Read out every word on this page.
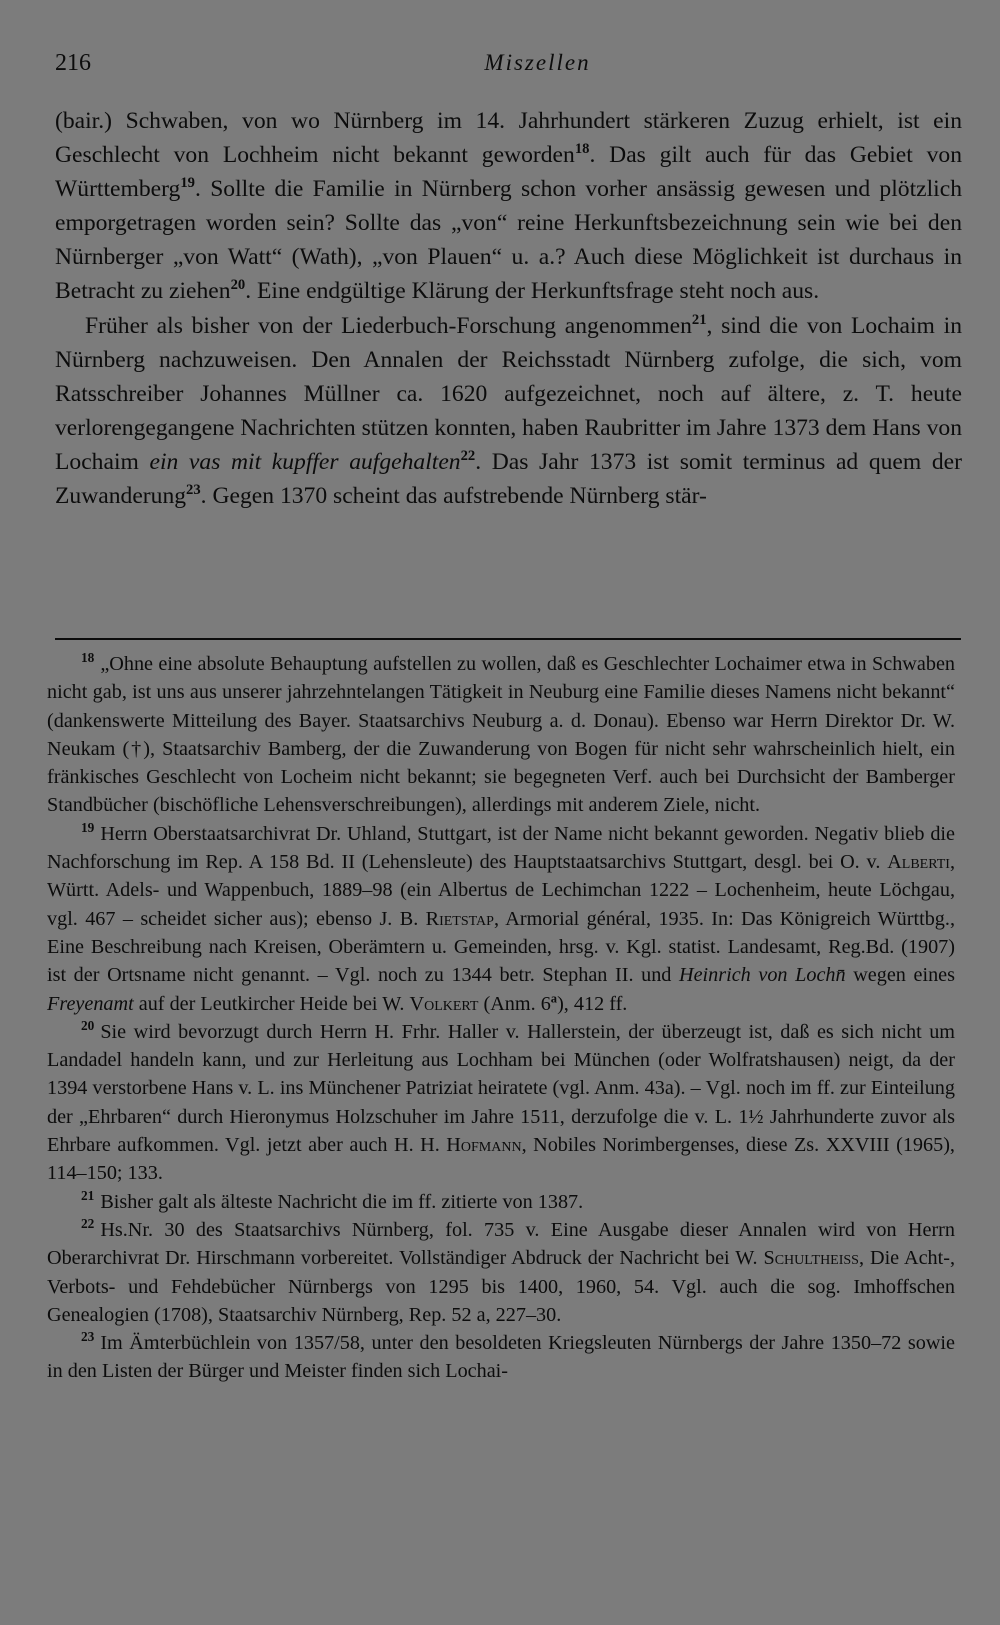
216	Miszellen

(bair.) Schwaben, von wo Nürnberg im 14. Jahrhundert stärkeren Zuzug erhielt, ist ein Geschlecht von Lochheim nicht bekannt geworden$^{18}$. Das gilt auch für das Gebiet von Württemberg$^{19}$. Sollte die Familie in Nürnberg schon vorher ansässig gewesen und plötzlich emporgetragen worden sein? Sollte das „von“ reine Herkunftsbezeichnung sein wie bei den Nürnberger „von Watt“ (Wath), „von Plauen“ u. a.? Auch diese Möglichkeit ist durchaus in Betracht zu ziehen$^{20}$. Eine endgültige Klärung der Herkunftsfrage steht noch aus.

Früher als bisher von der Liederbuch-Forschung angenommen$^{21}$, sind die von Lochaim in Nürnberg nachzuweisen. Den Annalen der Reichsstadt Nürnberg zufolge, die sich, vom Ratsschreiber Johannes Müllner ca. 1620 aufgezeichnet, noch auf ältere, z. T. heute verlorengegangene Nachrichten stützen konnten, haben Raubritter im Jahre 1373 dem Hans von Lochaim ein vas mit kupffer aufgehalten$^{22}$. Das Jahr 1373 ist somit terminus ad quem der Zuwanderung$^{23}$. Gegen 1370 scheint das aufstrebende Nürnberg stär-

$^{18}$ „Ohne eine absolute Behauptung aufstellen zu wollen, daß es Geschlechter Lochaimer etwa in Schwaben nicht gab, ist uns aus unserer jahrzehntelangen Tätigkeit in Neuburg eine Familie dieses Namens nicht bekannt“ (dankenswerte Mitteilung des Bayer. Staatsarchivs Neuburg a. d. Donau). Ebenso war Herrn Direktor Dr. W. Neukam (†), Staatsarchiv Bamberg, der die Zuwanderung von Bogen für nicht sehr wahrscheinlich hielt, ein fränkisches Geschlecht von Locheim nicht bekannt; sie begegneten Verf. auch bei Durchsicht der Bamberger Standbücher (bischöfliche Lehensverschreibungen), allerdings mit anderem Ziele, nicht.

$^{19}$ Herrn Oberstaatsarchivrat Dr. Uhland, Stuttgart, ist der Name nicht bekannt geworden. Negativ blieb die Nachforschung im Rep. A 158 Bd. II (Lehensleute) des Hauptstaatsarchivs Stuttgart, desgl. bei O. v. Alberti, Württ. Adels- und Wappenbuch, 1889–98 (ein Albertus de Lechimchan 1222 – Lochenheim, heute Löchgau, vgl. 467 – scheidet sicher aus); ebenso J. B. Rietstap, Armorial général, 1935. In: Das Königreich Württbg., Eine Beschreibung nach Kreisen, Oberämtern u. Gemeinden, hrsg. v. Kgl. statist. Landesamt, Reg.Bd. (1907) ist der Ortsname nicht genannt. – Vgl. noch zu 1344 betr. Stephan II. und Heinrich von Lochn̄ wegen eines Freyenamt auf der Leutkircher Heide bei W. Volkert (Anm. 6$^a$), 412 ff.

$^{20}$ Sie wird bevorzugt durch Herrn H. Frhr. Haller v. Hallerstein, der überzeugt ist, daß es sich nicht um Landadel handeln kann, und zur Herleitung aus Lochham bei München (oder Wolfratshausen) neigt, da der 1394 verstorbene Hans v. L. ins Münchener Patriziat heiratete (vgl. Anm. 43a). – Vgl. noch im ff. zur Einteilung der „Ehrbaren“ durch Hieronymus Holzschuher im Jahre 1511, derzufolge die v. L. 1½ Jahrhunderte zuvor als Ehrbare aufkommen. Vgl. jetzt aber auch H. H. Hofmann, Nobiles Norimbergenses, diese Zs. XXVIII (1965), 114–150; 133.

$^{21}$ Bisher galt als älteste Nachricht die im ff. zitierte von 1387.

$^{22}$ Hs.Nr. 30 des Staatsarchivs Nürnberg, fol. 735 v. Eine Ausgabe dieser Annalen wird von Herrn Oberarchivrat Dr. Hirschmann vorbereitet. Vollständiger Abdruck der Nachricht bei W. Schultheiss, Die Acht-, Verbots- und Fehdebücher Nürnbergs von 1295 bis 1400, 1960, 54. Vgl. auch die sog. Imhoffschen Genealogien (1708), Staatsarchiv Nürnberg, Rep. 52 a, 227–30.

$^{23}$ Im Ämterbüchlein von 1357/58, unter den besoldeten Kriegsleuten Nürnbergs der Jahre 1350–72 sowie in den Listen der Bürger und Meister finden sich Lochai-
